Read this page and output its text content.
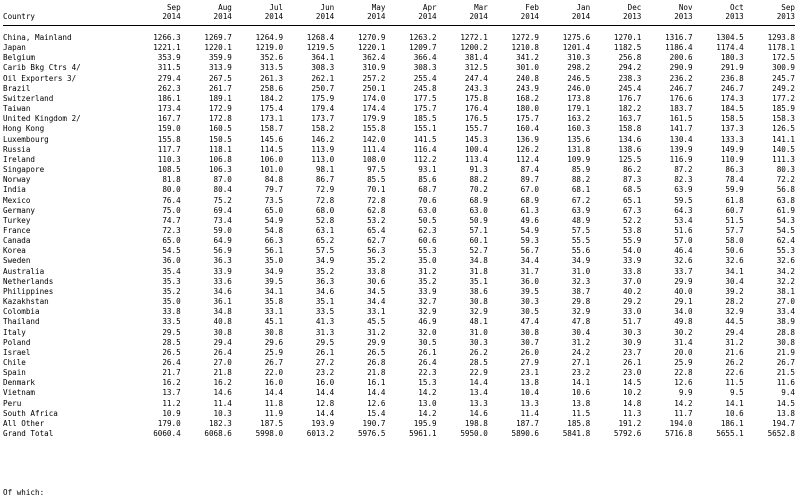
	Sep	Aug	Jul	Jun	May	Apr	Mar	Feb	Jan	Dec	Nov	Oct	Sep
Country	2014	2014	2014	2014	2014	2014	2014	2014	2014	2013	2013	2013	2013

China, Mainland	1266.3	1269.7	1264.9	1268.4	1270.9	1263.2	1272.1	1272.9	1275.6	1270.1	1316.7	1304.5	1293.8
Japan	1221.1	1220.1	1219.0	1219.5	1220.1	1209.7	1200.2	1210.8	1201.4	1182.5	1186.4	1174.4	1178.1
Belgium	353.9	359.9	352.6	364.1	362.4	366.4	381.4	341.2	310.3	256.8	200.6	180.3	172.5
Carib Bkg Ctrs 4/	311.5	313.9	313.5	308.3	310.9	308.3	312.5	301.0	298.2	294.2	290.9	291.9	300.9
Oil Exporters 3/	279.4	267.5	261.3	262.1	257.2	255.4	247.4	240.8	246.5	238.3	236.2	236.8	245.7
Brazil	262.3	261.7	258.6	250.7	250.1	245.8	243.3	243.9	246.0	245.4	246.7	246.7	249.2
Switzerland	186.1	189.1	184.2	175.9	174.0	177.5	175.8	168.2	173.8	176.7	176.6	174.3	177.2
Taiwan	173.4	172.9	175.4	179.4	174.4	175.7	176.4	180.0	179.1	182.2	183.7	184.5	185.9
United Kingdom 2/	167.7	172.8	173.1	173.7	179.9	185.5	176.5	175.7	163.2	163.7	161.5	158.5	158.3
Hong Kong	159.0	160.5	158.7	158.2	155.8	155.1	155.7	160.4	160.3	158.8	141.7	137.3	126.5
Luxembourg	155.8	150.5	145.6	146.2	142.0	141.5	145.3	136.9	135.6	134.6	130.4	133.3	141.1
Russia	117.7	118.1	114.5	113.9	111.4	116.4	100.4	126.2	131.8	138.6	139.9	149.9	140.5
Ireland	110.3	106.8	106.0	113.0	108.0	112.2	113.4	112.4	109.9	125.5	116.9	110.9	111.3
Singapore	108.5	106.3	101.0	98.1	97.5	93.1	91.3	87.4	85.9	86.2	87.2	86.3	80.3
Norway	81.8	87.0	84.8	86.7	85.5	85.6	88.2	89.7	88.2	87.3	82.3	78.4	72.2
India	80.0	80.4	79.7	72.9	70.1	68.7	70.2	67.0	68.1	68.5	63.9	59.9	56.8
Mexico	76.4	75.2	73.5	72.8	72.8	70.6	68.9	68.9	67.2	65.1	59.5	61.8	63.8
Germany	75.0	69.4	65.0	68.0	62.8	63.0	63.0	61.3	63.9	67.3	64.3	60.7	61.9
Turkey	74.7	73.4	54.9	52.8	53.2	50.5	50.9	49.6	48.9	52.2	53.4	51.5	54.3
France	72.3	59.0	54.8	63.1	65.4	62.3	57.1	54.9	57.5	53.8	51.6	57.7	54.5
Canada	65.0	64.9	66.3	65.2	62.7	60.6	60.1	59.3	55.5	55.9	57.0	58.0	62.4
Korea	54.5	56.9	56.1	57.5	56.3	55.3	52.7	56.7	55.6	54.0	46.4	50.6	55.3
Sweden	36.0	36.3	35.0	34.9	35.2	35.0	34.8	34.4	34.9	33.9	32.6	32.6	32.6
Australia	35.4	33.9	34.9	35.2	33.8	31.2	31.8	31.7	31.0	33.8	33.7	34.1	34.2
Netherlands	35.3	33.6	39.5	36.3	30.6	35.2	35.1	36.0	32.3	37.0	29.9	30.4	32.2
Philippines	35.2	34.6	34.1	34.6	34.5	33.9	38.6	39.5	38.7	40.2	40.0	39.2	38.1
Kazakhstan	35.0	36.1	35.8	35.1	34.4	32.7	30.8	30.3	29.8	29.2	29.1	28.2	27.0
Colombia	33.8	34.8	33.1	33.5	33.1	32.9	32.9	30.5	32.9	33.0	34.0	32.9	33.4
Thailand	33.5	40.8	45.1	41.3	45.5	46.9	48.1	47.4	47.8	51.7	49.8	44.5	38.9
Italy	29.5	30.8	30.8	31.3	31.2	32.0	31.0	30.8	30.4	30.3	30.2	29.4	28.8
Poland	28.5	29.4	29.6	29.5	29.9	30.5	30.3	30.7	31.2	30.9	31.4	31.2	30.8
Israel	26.5	26.4	25.9	26.1	26.5	26.1	26.2	26.0	24.2	23.7	20.0	21.6	21.9
Chile	26.4	27.0	26.7	27.2	26.8	26.4	28.5	27.9	27.1	26.1	25.9	26.2	26.7
Spain	21.7	21.8	22.0	23.2	21.8	22.3	22.9	23.1	23.2	23.0	22.8	22.6	21.5
Denmark	16.2	16.2	16.0	16.0	16.1	15.3	14.4	13.8	14.1	14.5	12.6	11.5	11.6
Vietnam	13.7	14.6	14.4	14.4	14.4	14.2	13.4	10.4	10.6	10.2	9.9	9.5	9.4
Peru	11.2	11.4	11.8	12.8	12.6	13.0	13.3	13.3	13.8	14.8	14.2	14.1	14.5
South Africa	10.9	10.3	11.9	14.4	15.4	14.2	14.6	11.4	11.5	11.3	11.7	10.6	13.8
All Other	179.0	182.3	187.5	193.9	190.7	195.9	198.8	187.7	185.8	191.2	194.0	186.1	194.7
Grand Total	6060.4	6068.6	5998.0	6013.2	5976.5	5961.1	5950.0	5890.6	5841.8	5792.6	5716.8	5655.1	5652.8
Of which:
